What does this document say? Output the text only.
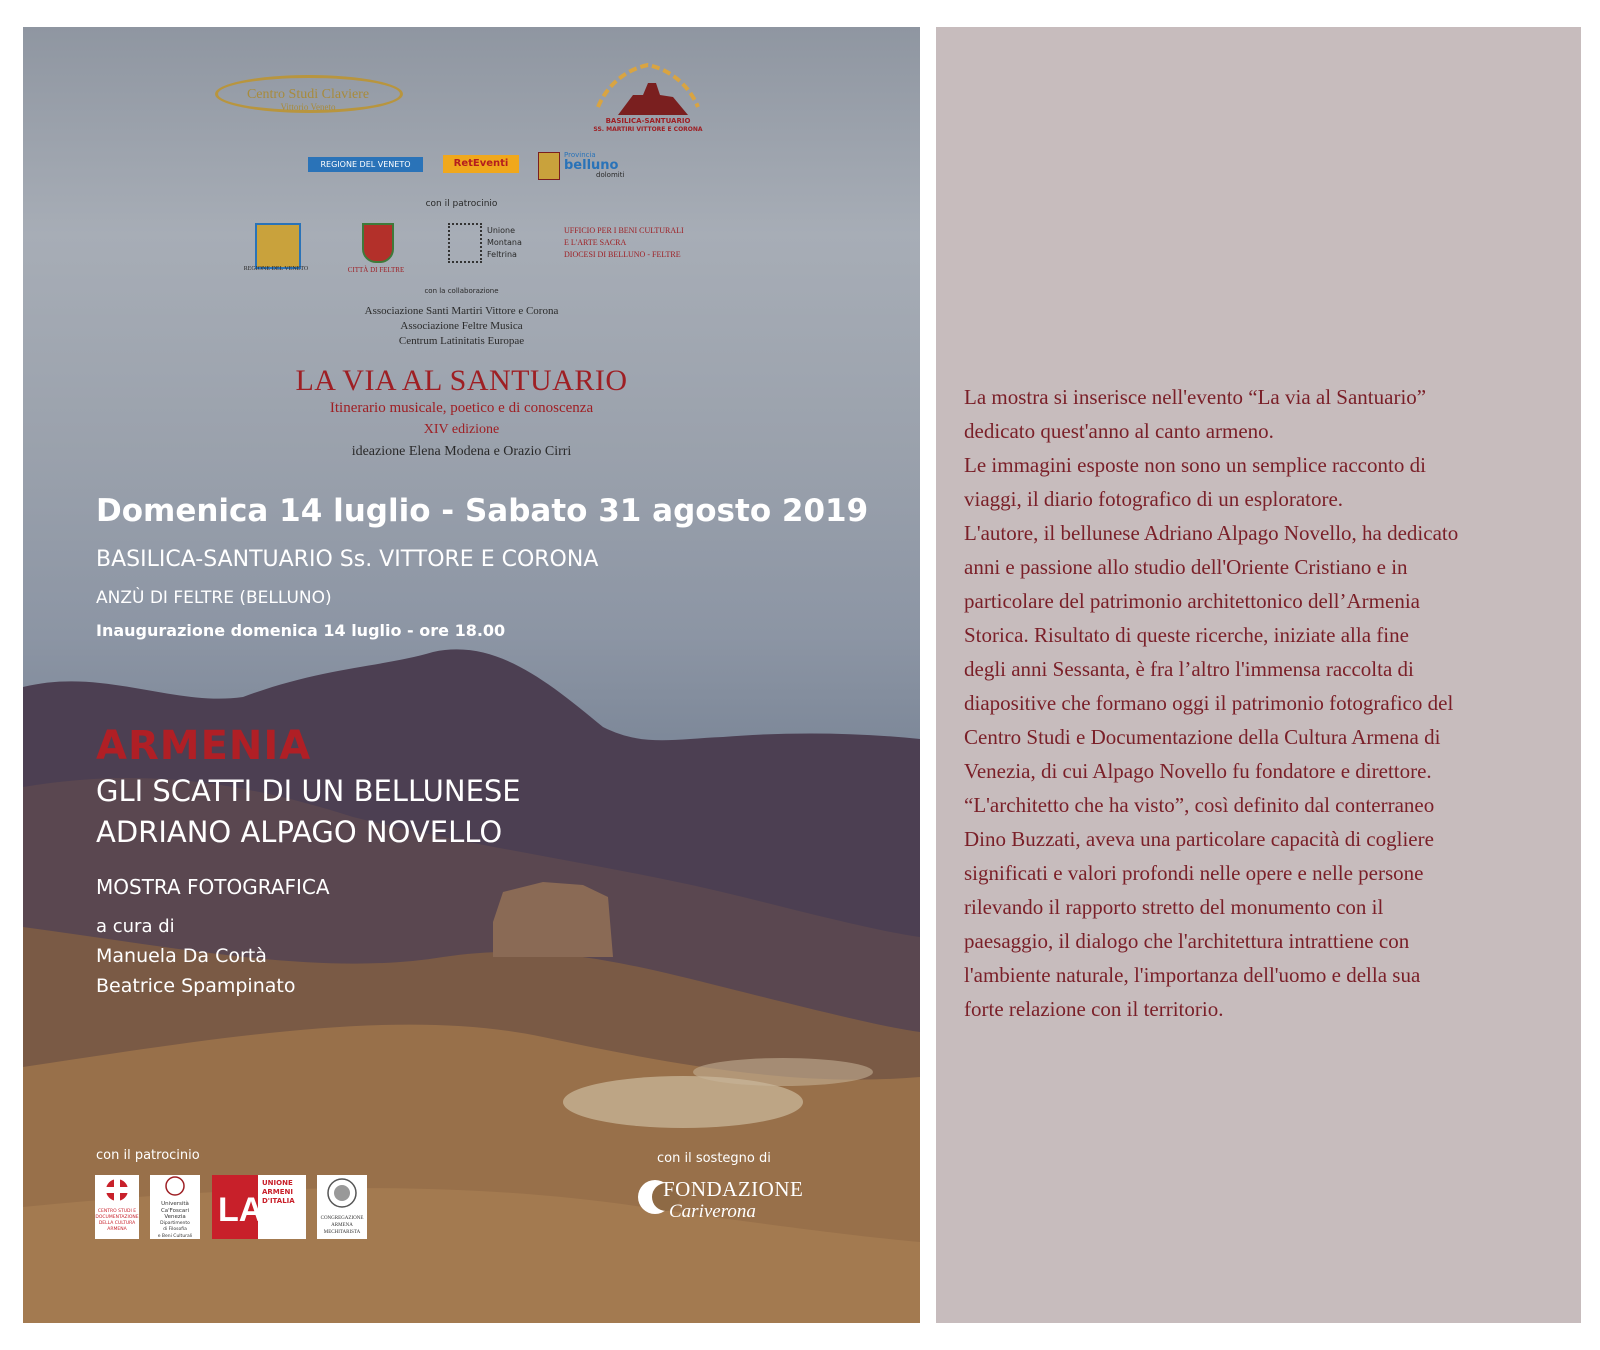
Centro Studi Claviere
Vittorio Veneto
BASILICA-SANTUARIO
SS. MARTIRI VITTORE E CORONA
REGIONE DEL VENETO	RetEventi
Provincia
belluno
dolomiti
con il patrocinio
REGIONE DEL VENETO	CITTÀ DI FELTRE
Unione
Montana
Feltrina
UFFICIO PER I BENI CULTURALI
E L'ARTE SACRA
DIOCESI DI BELLUNO - FELTRE
con la collaborazione
Associazione Santi Martiri Vittore e Corona
Associazione Feltre Musica
Centrum Latinitatis Europae
LA VIA AL SANTUARIO
Itinerario musicale, poetico e di conoscenza
XIV edizione
ideazione Elena Modena e Orazio Cirri
Domenica 14 luglio - Sabato 31 agosto 2019
BASILICA-SANTUARIO Ss. VITTORE E CORONA
ANZÙ DI FELTRE (BELLUNO)
Inaugurazione domenica 14 luglio - ore 18.00
ARMENIA
GLI SCATTI DI UN BELLUNESE
ADRIANO ALPAGO NOVELLO
MOSTRA FOTOGRAFICA
a cura di
Manuela Da Cortà
Beatrice Spampinato
con il patrocinio
CENTRO STUDI E
DOCUMENTAZIONE
DELLA CULTURA
ARMENA
Università
Ca'Foscari
Venezia
Dipartimento
di Filosofia
e Beni Culturali
LA
UNIONE
ARMENI
D'ITALIA
CONGREGAZIONE
ARMENA
MECHITARISTA
con il sostegno di
FONDAZIONE
Cariverona

La mostra si inserisce nell'evento “La via al Santuario”

dedicato quest'anno al canto armeno.

Le immagini esposte non sono un semplice racconto di

viaggi, il diario fotografico di un esploratore.

L'autore, il bellunese Adriano Alpago Novello, ha dedicato

anni e passione allo studio dell'Oriente Cristiano e in

particolare del patrimonio architettonico dell’Armenia

Storica. Risultato di queste ricerche, iniziate alla fine

degli anni Sessanta, è fra l’altro l'immensa raccolta di

diapositive che formano oggi il patrimonio fotografico del

Centro Studi e Documentazione della Cultura Armena di

Venezia, di cui Alpago Novello fu fondatore e direttore.

“L'architetto che ha visto”, così definito dal conterraneo

Dino Buzzati, aveva una particolare capacità di cogliere

significati e valori profondi nelle opere e nelle persone

rilevando il rapporto stretto del monumento con il

paesaggio, il dialogo che l'architettura intrattiene con

l'ambiente naturale, l'importanza dell'uomo e della sua

forte relazione con il territorio.
